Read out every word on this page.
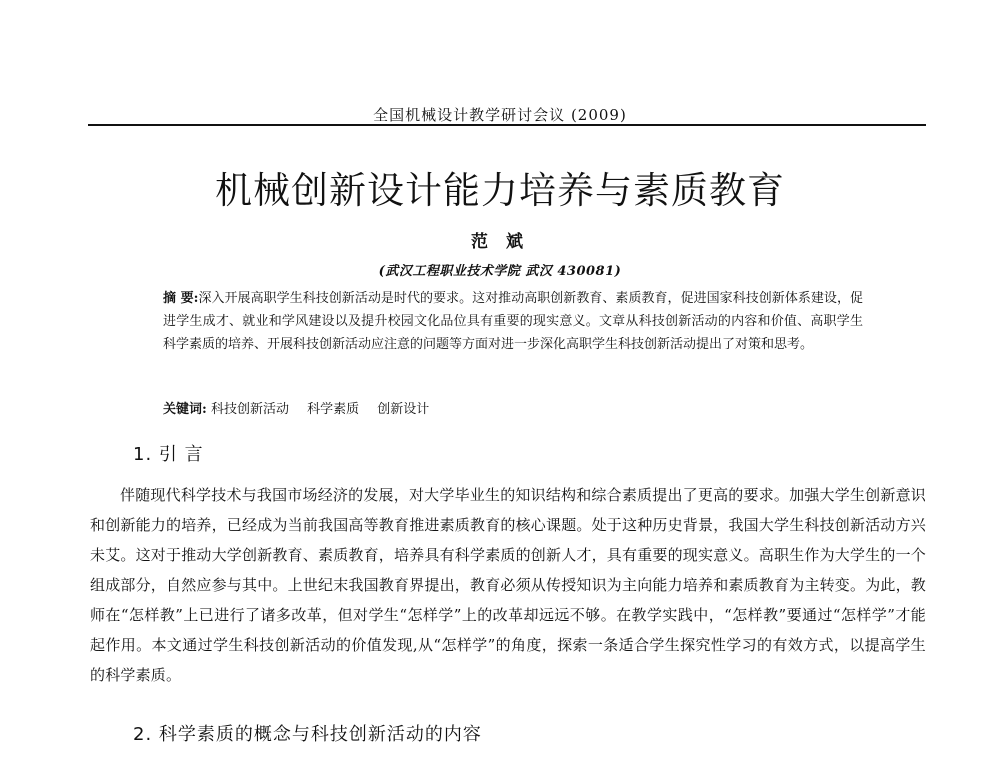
全国机械设计教学研讨会议 (2009)
机械创新设计能力培养与素质教育
范 斌
(武汉工程职业技术学院 武汉 430081)
摘 要:深入开展高职学生科技创新活动是时代的要求。这对推动高职创新教育、素质教育，促进国家科技创新体系建设，促进学生成才、就业和学风建设以及提升校园文化品位具有重要的现实意义。文章从科技创新活动的内容和价值、高职学生科学素质的培养、开展科技创新活动应注意的问题等方面对进一步深化高职学生科技创新活动提出了对策和思考。
关键词: 科技创新活动 科学素质 创新设计
1. 引 言

伴随现代科学技术与我国市场经济的发展，对大学毕业生的知识结构和综合素质提出了更高的要求。加强大学生创新意识和创新能力的培养，已经成为当前我国高等教育推进素质教育的核心课题。处于这种历史背景，我国大学生科技创新活动方兴未艾。这对于推动大学创新教育、素质教育，培养具有科学素质的创新人才，具有重要的现实意义。高职生作为大学生的一个组成部分，自然应参与其中。上世纪末我国教育界提出，教育必须从传授知识为主向能力培养和素质教育为主转变。为此，教师在“怎样教”上已进行了诸多改革，但对学生“怎样学”上的改革却远远不够。在教学实践中，“怎样教”要通过“怎样学”才能起作用。本文通过学生科技创新活动的价值发现,从“怎样学”的角度，探索一条适合学生探究性学习的有效方式，以提高学生的科学素质。

2. 科学素质的概念与科技创新活动的内容
